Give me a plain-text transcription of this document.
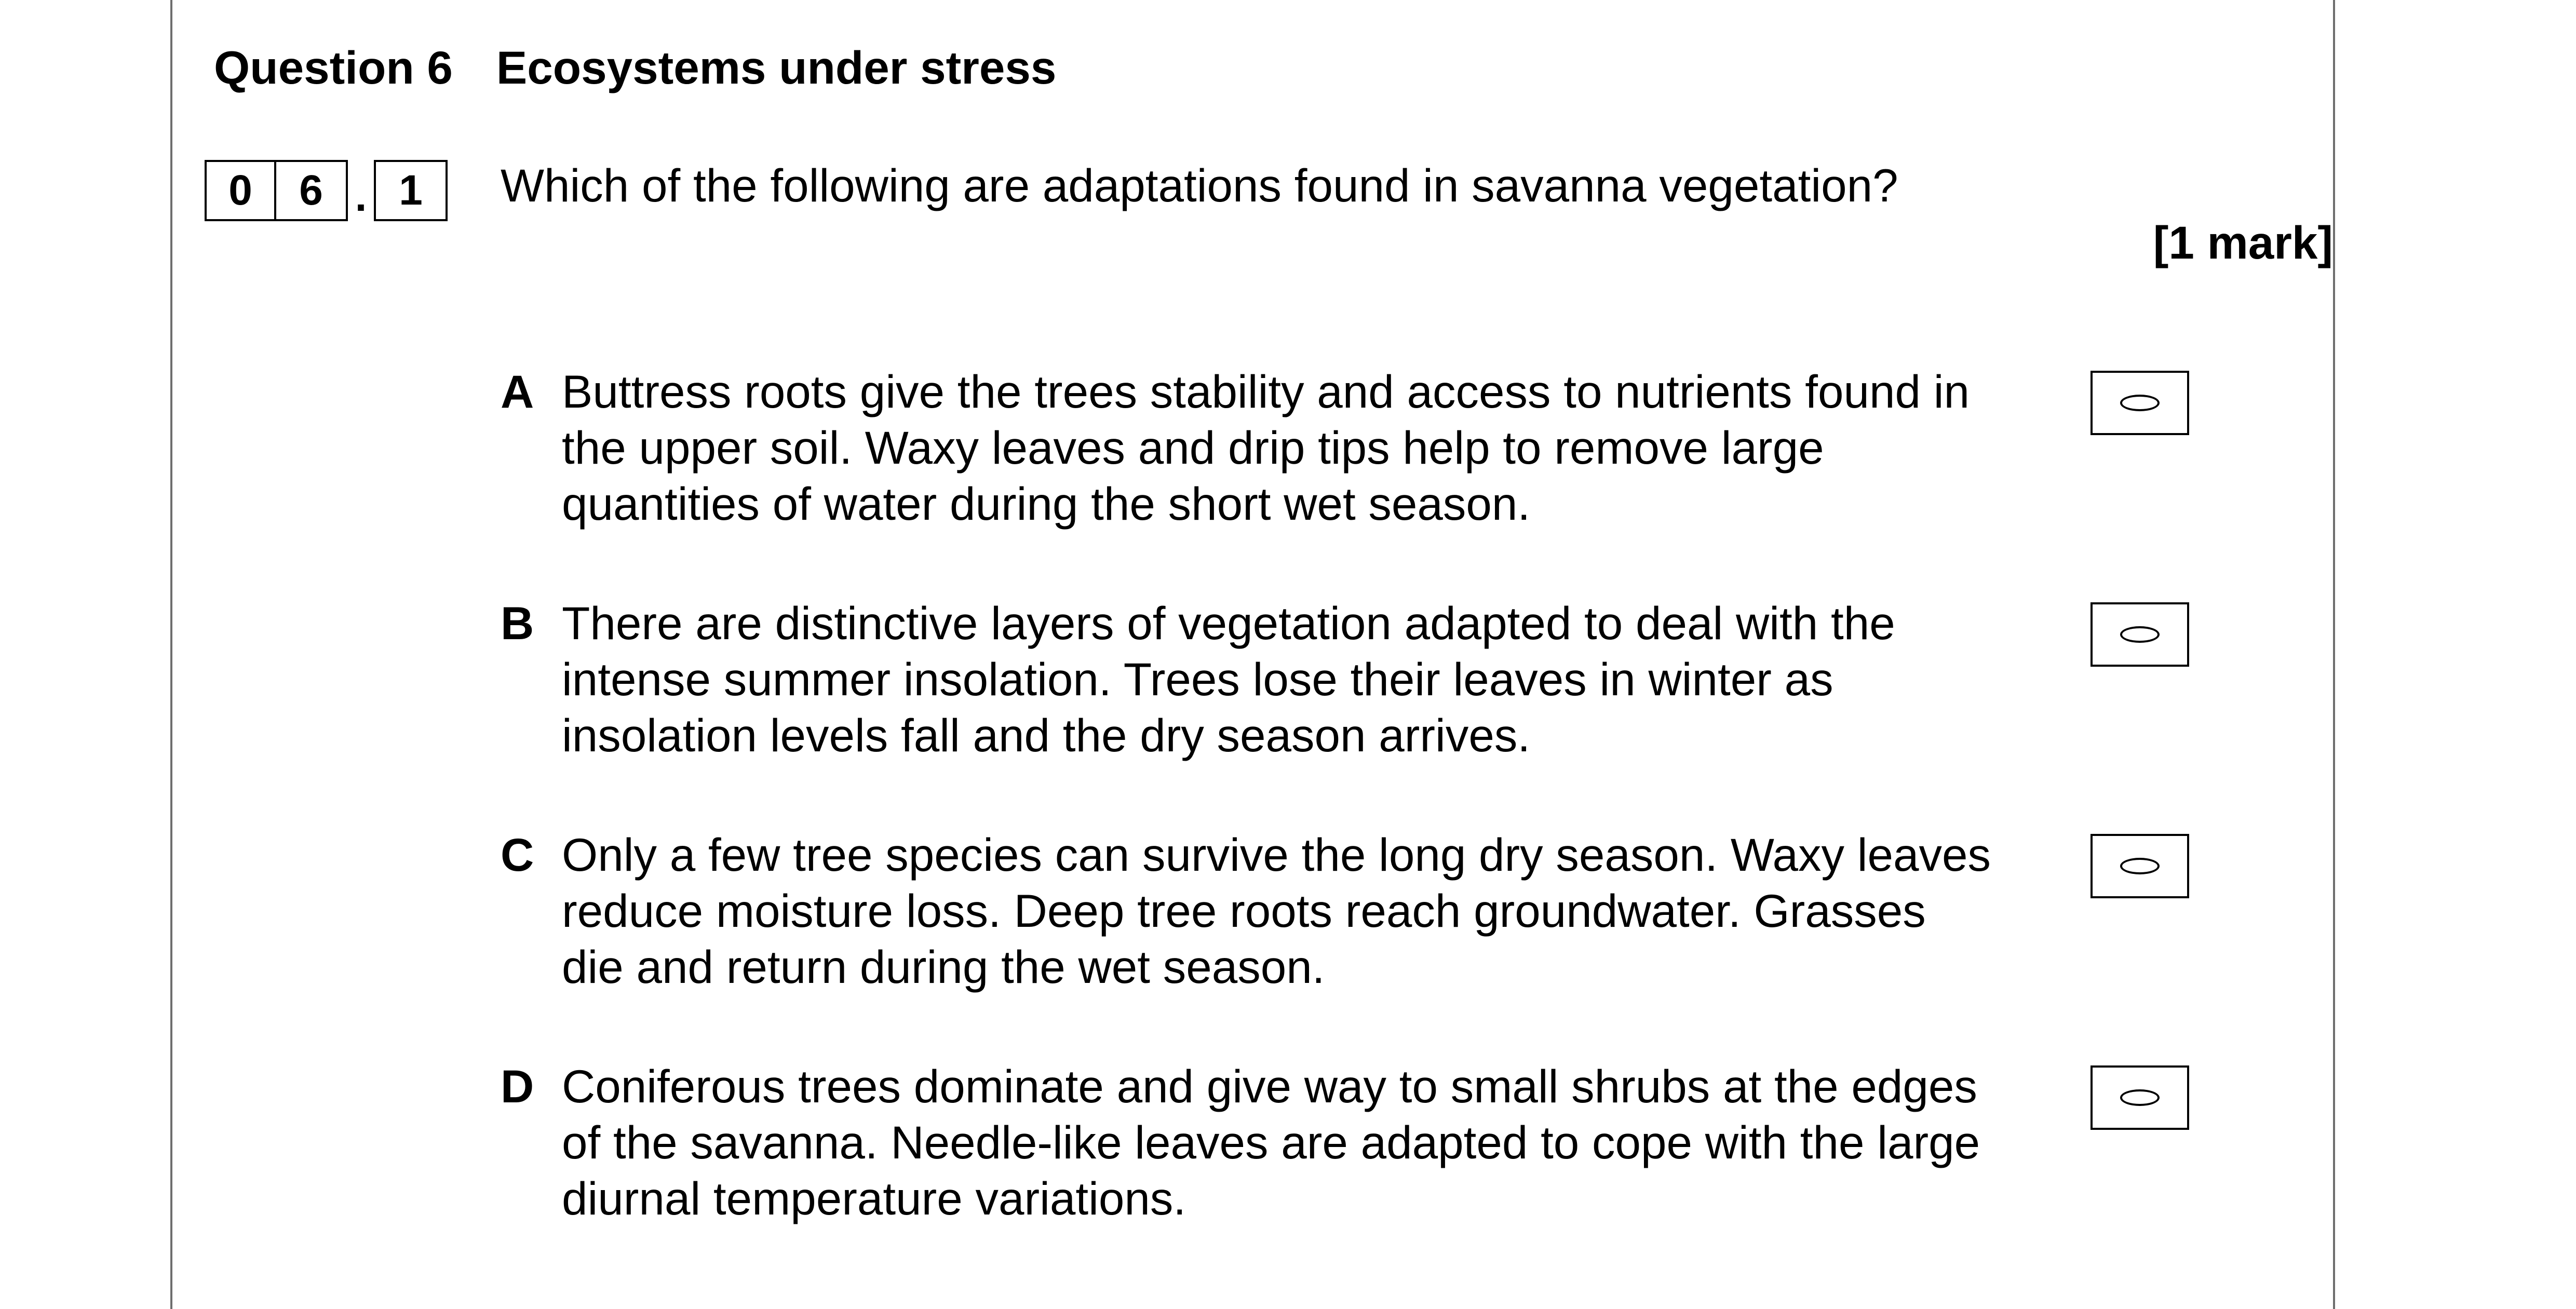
Question 6 Ecosystems under stress
0	6 . 1	Which of the following are adaptations found in savanna vegetation?
[1 mark]
A Buttress roots give the trees stability and access to nutrients found in
the upper soil. Waxy leaves and drip tips help to remove large
quantities of water during the short wet season.
B There are distinctive layers of vegetation adapted to deal with the
intense summer insolation. Trees lose their leaves in winter as
insolation levels fall and the dry season arrives.
C Only a few tree species can survive the long dry season. Waxy leaves
reduce moisture loss. Deep tree roots reach groundwater. Grasses
die and return during the wet season.
D Coniferous trees dominate and give way to small shrubs at the edges
of the savanna. Needle-like leaves are adapted to cope with the large
diurnal temperature variations.
